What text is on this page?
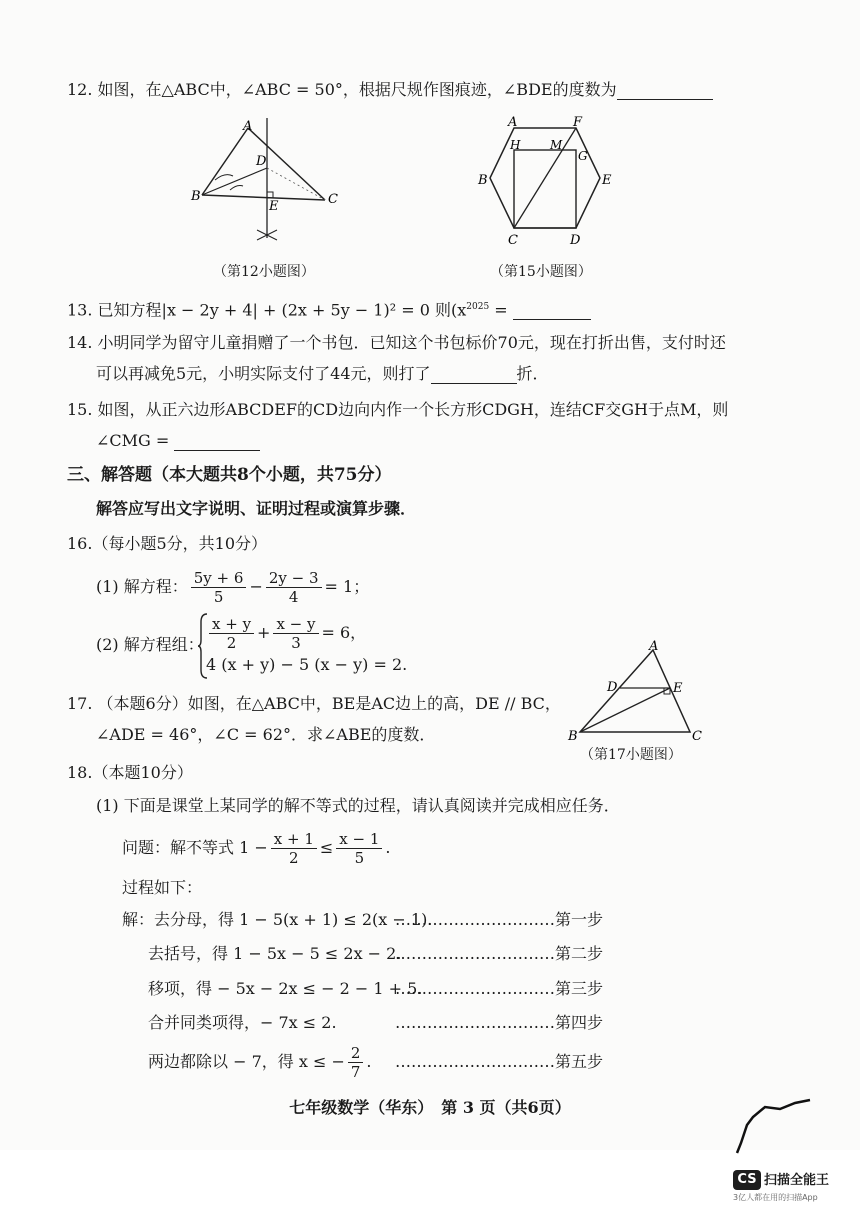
12. 如图，在△ABC中，∠ABC = 50°，根据尺规作图痕迹，∠BDE的度数为
A
D
B
E	C
（第12小题图）
A	F
H M
G
B	E
C	D
（第15小题图）
13. 已知方程|x − 2y + 4| + (2x + 5y − 1)² = 0 则($x^{2025}$ =
14. 小明同学为留守儿童捐赠了一个书包．已知这个书包标价70元，现在打折出售，支付时还
可以再减免5元，小明实际支付了44元，则打了	折．
15. 如图，从正六边形ABCDEF的CD边向内作一个长方形CDGH，连结CF交GH于点M，则
∠CMG =
三、解答题（本大题共8个小题，共75分）
解答应写出文字说明、证明过程或演算步骤．
16.（每小题5分，共10分）
(1) 解方程： $\frac{5y + 6}{5} - \frac{2y - 3}{4} = 1$；
(2) 解方程组： $\frac{x + y}{2} + \frac{x - y}{3} = 6$，
4 (x + y) − 5 (x − y) = 2.
17. （本题6分）如图，在△ABC中，BE是AC边上的高，DE // BC，
∠ADE = 46°，∠C = 62°．求∠ABE的度数．
A
D	E
B	C
（第17小题图）
18.（本题10分）
(1) 下面是课堂上某同学的解不等式的过程，请认真阅读并完成相应任务．
问题：解不等式 $1 - \frac{x + 1}{2} \le \frac{x - 1}{5}$ .
过程如下：
解：去分母，得 1 − 5(x + 1) ≤ 2(x − 1).
…………………………第一步
去括号，得 1 − 5x − 5 ≤ 2x − 2.
…………………………第二步
移项，得 − 5x − 2x ≤ − 2 − 1 + 5.
…………………………第三步
合并同类项得，− 7x ≤ 2.	…………………………第四步
两边都除以 − 7，得 x ≤ − $\frac{2}{7}$ . …………………………第五步
七年级数学（华东）　第 3 页（共6页）
CS 扫描全能王
3亿人都在用的扫描App
